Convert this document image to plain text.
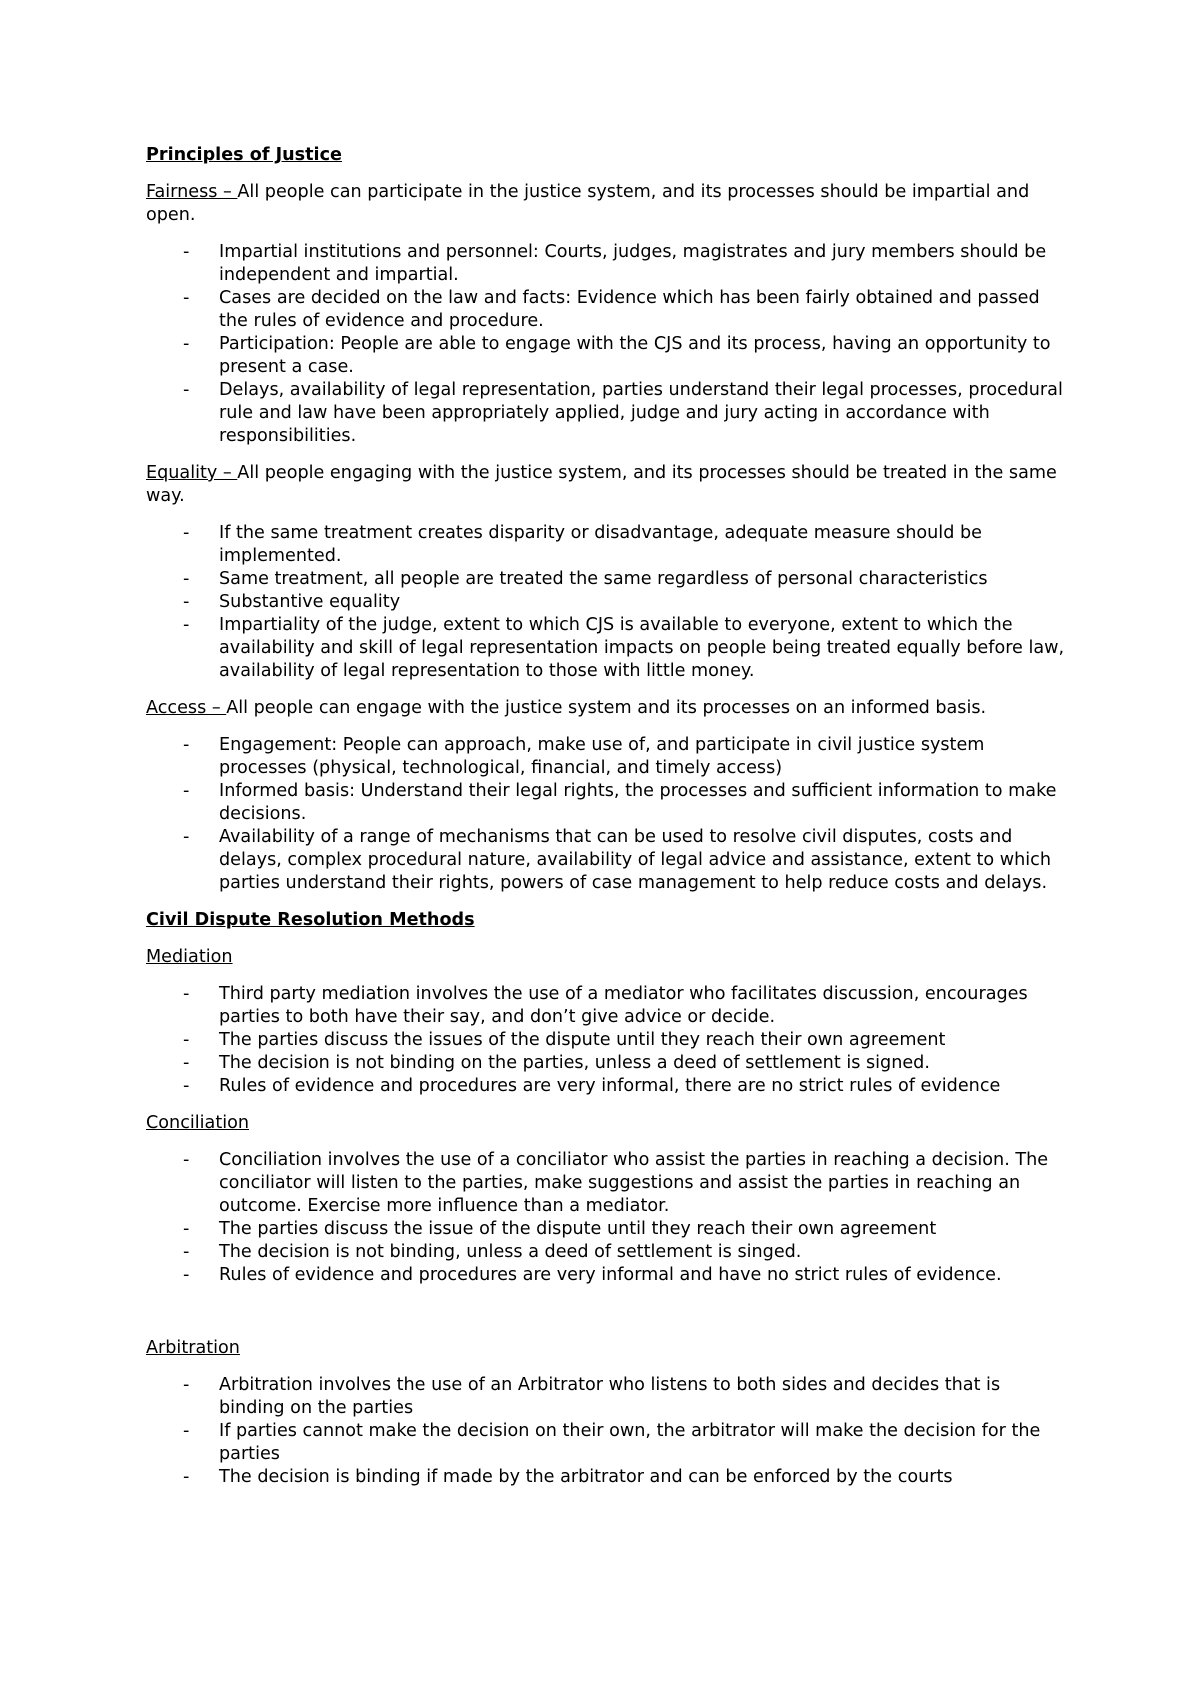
Principles of Justice
Fairness – All people can participate in the justice system, and its processes should be impartial and open.
- Impartial institutions and personnel: Courts, judges, magistrates and jury members should be independent and impartial.
- Cases are decided on the law and facts: Evidence which has been fairly obtained and passed the rules of evidence and procedure.
- Participation: People are able to engage with the CJS and its process, having an opportunity to present a case.
- Delays, availability of legal representation, parties understand their legal processes, procedural rule and law have been appropriately applied, judge and jury acting in accordance with responsibilities.
Equality – All people engaging with the justice system, and its processes should be treated in the same way.
- If the same treatment creates disparity or disadvantage, adequate measure should be implemented.
- Same treatment, all people are treated the same regardless of personal characteristics
- Substantive equality
- Impartiality of the judge, extent to which CJS is available to everyone, extent to which the availability and skill of legal representation impacts on people being treated equally before law, availability of legal representation to those with little money.
Access – All people can engage with the justice system and its processes on an informed basis.
- Engagement: People can approach, make use of, and participate in civil justice system processes (physical, technological, financial, and timely access)
- Informed basis: Understand their legal rights, the processes and sufficient information to make decisions.
- Availability of a range of mechanisms that can be used to resolve civil disputes, costs and delays, complex procedural nature, availability of legal advice and assistance, extent to which parties understand their rights, powers of case management to help reduce costs and delays.
Civil Dispute Resolution Methods
Mediation
- Third party mediation involves the use of a mediator who facilitates discussion, encourages parties to both have their say, and don’t give advice or decide.
- The parties discuss the issues of the dispute until they reach their own agreement
- The decision is not binding on the parties, unless a deed of settlement is signed.
- Rules of evidence and procedures are very informal, there are no strict rules of evidence
Conciliation
- Conciliation involves the use of a conciliator who assist the parties in reaching a decision. The conciliator will listen to the parties, make suggestions and assist the parties in reaching an outcome. Exercise more influence than a mediator.
- The parties discuss the issue of the dispute until they reach their own agreement
- The decision is not binding, unless a deed of settlement is singed.
- Rules of evidence and procedures are very informal and have no strict rules of evidence.
Arbitration
- Arbitration involves the use of an Arbitrator who listens to both sides and decides that is binding on the parties
- If parties cannot make the decision on their own, the arbitrator will make the decision for the parties
- The decision is binding if made by the arbitrator and can be enforced by the courts
